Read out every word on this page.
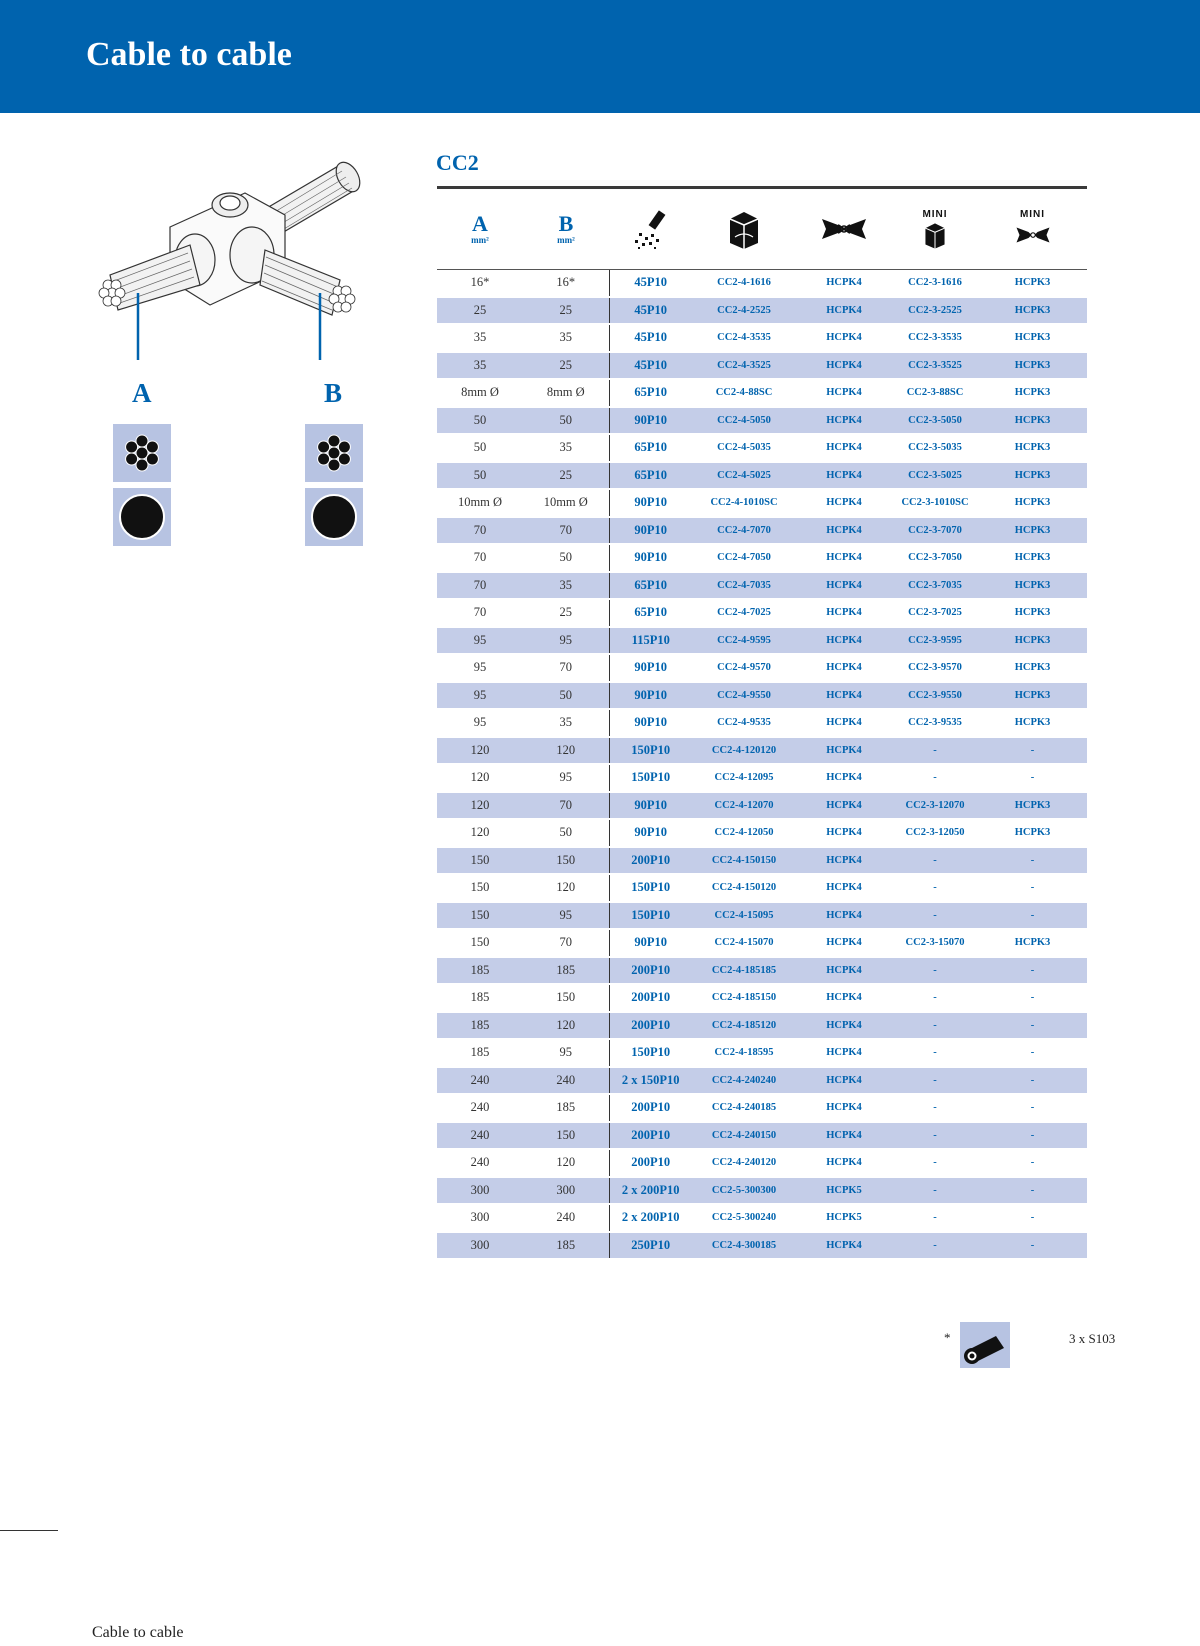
Cable to cable
A	B
CC2
A
mm²
B
mm²
MINI	MINI
16*	16*	45P10	CC2-4-1616	HCPK4	CC2-3-1616	HCPK3
25	25	45P10	CC2-4-2525	HCPK4	CC2-3-2525	HCPK3
35	35	45P10	CC2-4-3535	HCPK4	CC2-3-3535	HCPK3
35	25	45P10	CC2-4-3525	HCPK4	CC2-3-3525	HCPK3
8mm Ø	8mm Ø	65P10	CC2-4-88SC	HCPK4	CC2-3-88SC	HCPK3
50	50	90P10	CC2-4-5050	HCPK4	CC2-3-5050	HCPK3
50	35	65P10	CC2-4-5035	HCPK4	CC2-3-5035	HCPK3
50	25	65P10	CC2-4-5025	HCPK4	CC2-3-5025	HCPK3
10mm Ø	10mm Ø	90P10	CC2-4-1010SC	HCPK4	CC2-3-1010SC	HCPK3
70	70	90P10	CC2-4-7070	HCPK4	CC2-3-7070	HCPK3
70	50	90P10	CC2-4-7050	HCPK4	CC2-3-7050	HCPK3
70	35	65P10	CC2-4-7035	HCPK4	CC2-3-7035	HCPK3
70	25	65P10	CC2-4-7025	HCPK4	CC2-3-7025	HCPK3
95	95	115P10	CC2-4-9595	HCPK4	CC2-3-9595	HCPK3
95	70	90P10	CC2-4-9570	HCPK4	CC2-3-9570	HCPK3
95	50	90P10	CC2-4-9550	HCPK4	CC2-3-9550	HCPK3
95	35	90P10	CC2-4-9535	HCPK4	CC2-3-9535	HCPK3
120	120	150P10	CC2-4-120120	HCPK4	-	-
120	95	150P10	CC2-4-12095	HCPK4	-	-
120	70	90P10	CC2-4-12070	HCPK4	CC2-3-12070	HCPK3
120	50	90P10	CC2-4-12050	HCPK4	CC2-3-12050	HCPK3
150	150	200P10	CC2-4-150150	HCPK4	-	-
150	120	150P10	CC2-4-150120	HCPK4	-	-
150	95	150P10	CC2-4-15095	HCPK4	-	-
150	70	90P10	CC2-4-15070	HCPK4	CC2-3-15070	HCPK3
185	185	200P10	CC2-4-185185	HCPK4	-	-
185	150	200P10	CC2-4-185150	HCPK4	-	-
185	120	200P10	CC2-4-185120	HCPK4	-	-
185	95	150P10	CC2-4-18595	HCPK4	-	-
240	240	2 x 150P10	CC2-4-240240	HCPK4	-	-
240	185	200P10	CC2-4-240185	HCPK4	-	-
240	150	200P10	CC2-4-240150	HCPK4	-	-
240	120	200P10	CC2-4-240120	HCPK4	-	-
300	300	2 x 200P10	CC2-5-300300	HCPK5	-	-
300	240	2 x 200P10	CC2-5-300240	HCPK5	-	-
300	185	250P10	CC2-4-300185	HCPK4	-	-
*	3 x S103
Cable to cable
